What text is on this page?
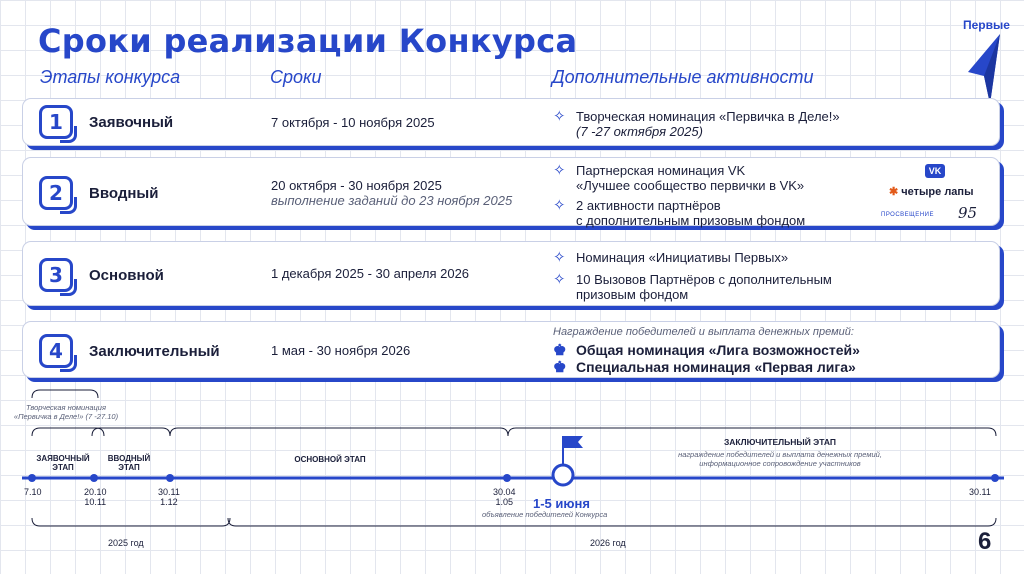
Сроки реализации Конкурса	Первые
Этапы конкурса	Сроки	Дополнительные активности
1	Заявочный	7 октября - 10 ноября 2025	✧ Творческая номинация «Первичка в Деле!»
(7 -27 октября 2025)
2	Вводный	20 октября - 30 ноября 2025
выполнение заданий до 23 ноября 2025
✧ Партнерская номинация VK
«Лучшее сообщество первички в VK»
✧ 2 активности партнёров
с дополнительным призовым фондом
VK
✱ четыре лапы
ПРОСВЕЩЕНИЕ 95
3	Основной	1 декабря 2025 - 30 апреля 2026
✧ Номинация «Инициативы Первых»
✧ 10 Вызовов Партнёров с дополнительным
призовым фондом
4	Заключительный	1 мая - 30 ноября 2026
Награждение победителей и выплата денежных премий:
♚ Общая номинация «Лига возможностей»
♚ Специальная номинация «Первая лига»
Творческая номинация
«Первичка в Деле!» (7 -27.10)
ЗАЯВОЧНЫЙ
ЭТАП
ВВОДНЫЙ
ЭТАП
ОСНОВНОЙ ЭТАП
ЗАКЛЮЧИТЕЛЬНЫЙ ЭТАП
награждение победителей и выплата денежных премий,
информационное сопровождение участников
7.10	20.10
10.11
30.11
1.12
30.04
1.05
30.11
1-5 июня
объявление победителей Конкурса
2025 год	2026 год	6
